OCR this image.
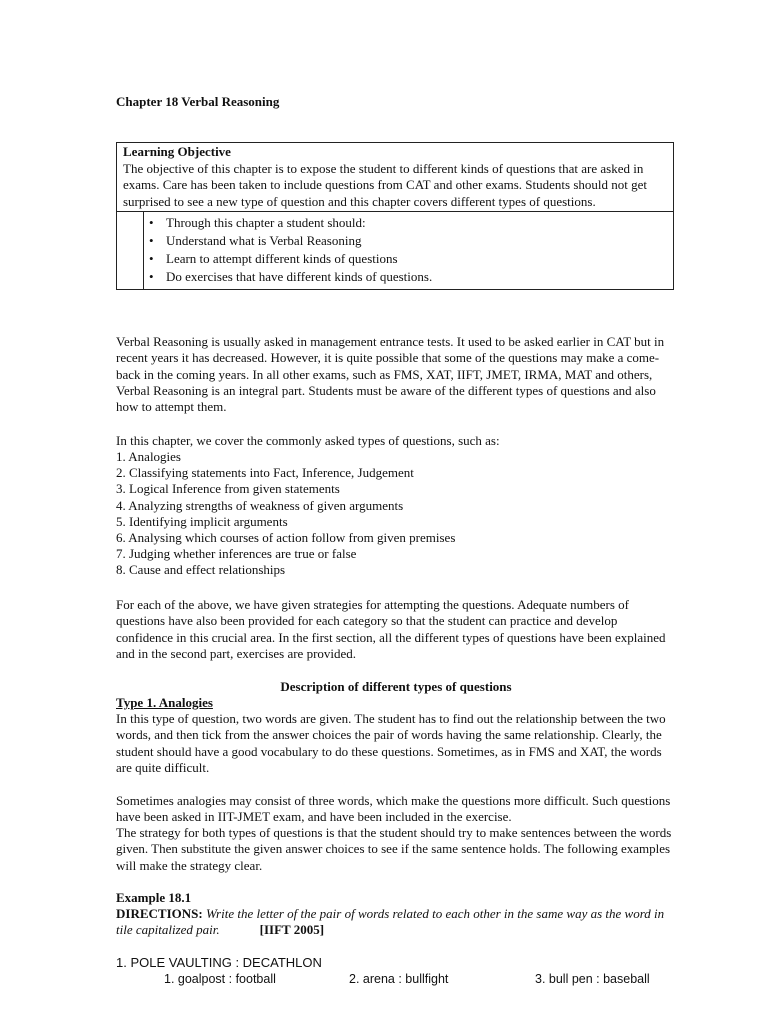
Chapter 18 Verbal Reasoning
Learning Objective
The objective of this chapter is to expose the student to different kinds of questions that are asked in exams. Care has been taken to include questions from CAT and other exams. Students should not get surprised to see a new type of question and this chapter covers different types of questions.
• Through this chapter a student should:
• Understand what is Verbal Reasoning
• Learn to attempt different kinds of questions
• Do exercises that have different kinds of questions.
Verbal Reasoning is usually asked in management entrance tests. It used to be asked earlier in CAT but in recent years it has decreased. However, it is quite possible that some of the questions may make a come-back in the coming years. In all other exams, such as FMS, XAT, IIFT, JMET, IRMA, MAT and others, Verbal Reasoning is an integral part. Students must be aware of the different types of questions and also how to attempt them.
In this chapter, we cover the commonly asked types of questions, such as:
1. Analogies
2. Classifying statements into Fact, Inference, Judgement
3. Logical Inference from given statements
4. Analyzing strengths of weakness of given arguments
5. Identifying implicit arguments
6. Analysing which courses of action follow from given premises
7. Judging whether inferences are true or false
8. Cause and effect relationships
For each of the above, we have given strategies for attempting the questions. Adequate numbers of questions have also been provided for each category so that the student can practice and develop confidence in this crucial area. In the first section, all the different types of questions have been explained and in the second part, exercises are provided.
Description of different types of questions
Type 1. Analogies
In this type of question, two words are given. The student has to find out the relationship between the two words, and then tick from the answer choices the pair of words having the same relationship. Clearly, the student should have a good vocabulary to do these questions. Sometimes, as in FMS and XAT, the words are quite difficult.
Sometimes analogies may consist of three words, which make the questions more difficult. Such questions have been asked in IIT-JMET exam, and have been included in the exercise.
The strategy for both types of questions is that the student should try to make sentences between the words given. Then substitute the given answer choices to see if the same sentence holds. The following examples will make the strategy clear.
Example 18.1
DIRECTIONS: Write the letter of the pair of words related to each other in the same way as the word in tile capitalized pair.	[IIFT 2005]
1. POLE VAULTING : DECATHLON
1. goalpost : football	2. arena : bullfight	3. bull pen : baseball
